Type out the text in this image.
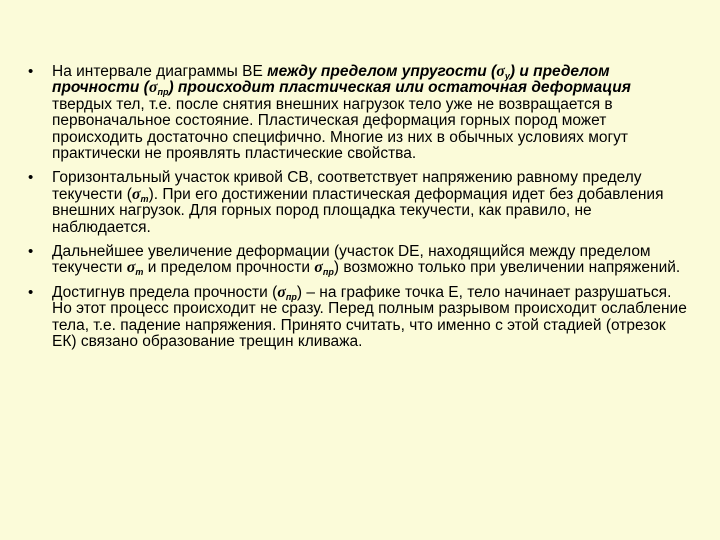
• На интервале диаграммы ВЕ между пределом упругости $(\sigma_у)$ и пределом прочности $(\sigma_{пр})$ происходит пластическая или остаточная деформация твердых тел, т.е. после снятия внешних нагрузок тело уже не возвращается в первоначальное состояние. Пластическая деформация горных пород может происходить достаточно специфично. Многие из них в обычных условиях могут практически не проявлять пластические свойства.
• Горизонтальный участок кривой СВ, соответствует напряжению равному пределу текучести $(\sigma_т)$. При его достижении пластическая деформация идет без добавления внешних нагрузок. Для горных пород площадка текучести, как правило, не наблюдается.
• Дальнейшее увеличение деформации (участок DE, находящийся между пределом текучести $\sigma_т$ и пределом прочности $\sigma_{пр}$) возможно только при увеличении напряжений.
• Достигнув предела прочности $(\sigma_{пр})$ – на графике точка Е, тело начинает разрушаться. Но этот процесс происходит не сразу. Перед полным разрывом происходит ослабление тела, т.е. падение напряжения. Принято считать, что именно с этой стадией (отрезок ЕК) связано образование трещин кливажа.
